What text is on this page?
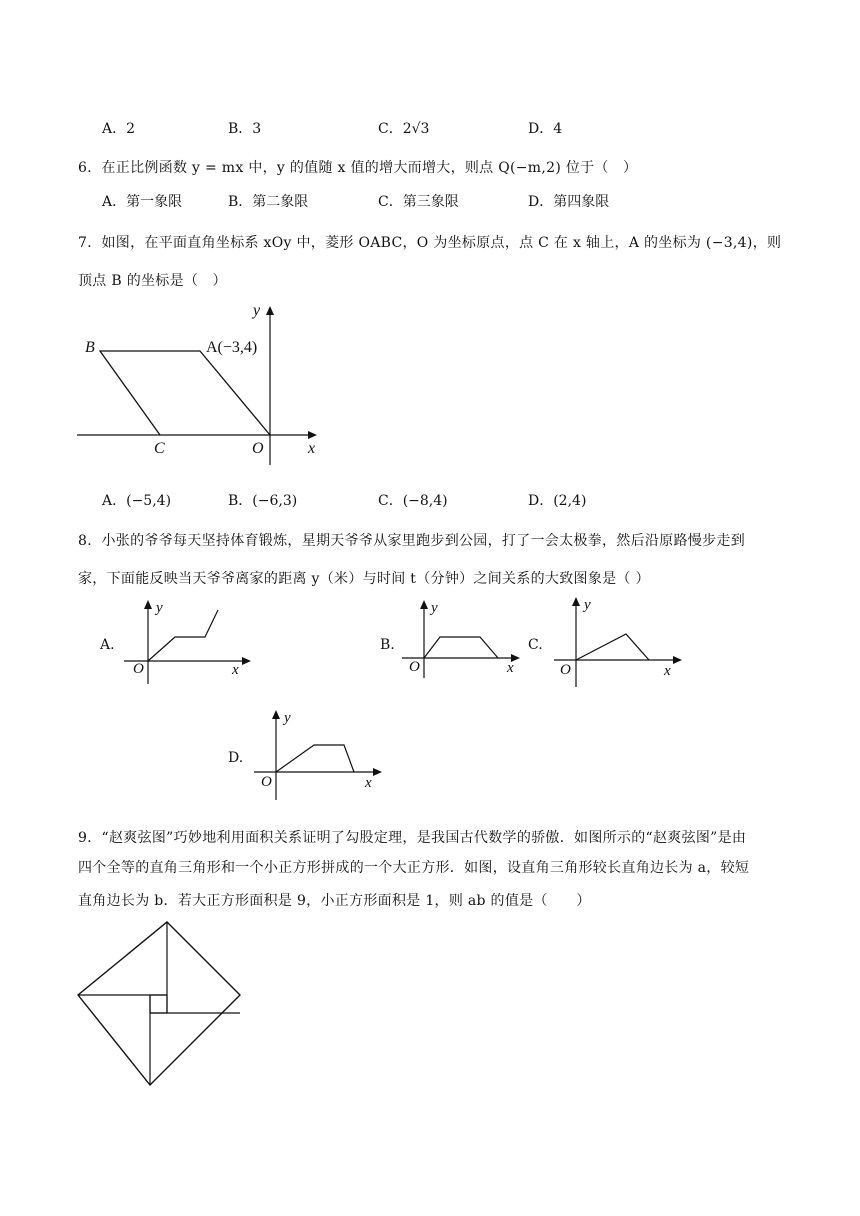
A．2	B．3	C．2√3	D．4
6．在正比例函数 y = mx 中，y 的值随 x 值的增大而增大，则点 Q(−m,2) 位于（　）
A．第一象限	B．第二象限	C．第三象限	D．第四象限
7．如图，在平面直角坐标系 xOy 中，菱形 OABC，O 为坐标原点，点 C 在 x 轴上，A 的坐标为 (−3,4)，则
顶点 B 的坐标是（　）
y
B	A(−3,4)
C	O	x
A．(−5,4)	B．(−6,3)	C．(−8,4)	D．(2,4)
8．小张的爷爷每天坚持体育锻炼，星期天爷爷从家里跑步到公园，打了一会太极拳，然后沿原路慢步走到
家，下面能反映当天爷爷离家的距离 y（米）与时间 t（分钟）之间关系的大致图象是（ ）
A.
y
O	x
B.
y
O	x
C.
y
O	x
D.
y
O	x
9．“赵爽弦图”巧妙地利用面积关系证明了勾股定理，是我国古代数学的骄傲．如图所示的“赵爽弦图”是由
四个全等的直角三角形和一个小正方形拼成的一个大正方形．如图，设直角三角形较长直角边长为 a，较短
直角边长为 b．若大正方形面积是 9，小正方形面积是 1，则 ab 的值是（　　）
